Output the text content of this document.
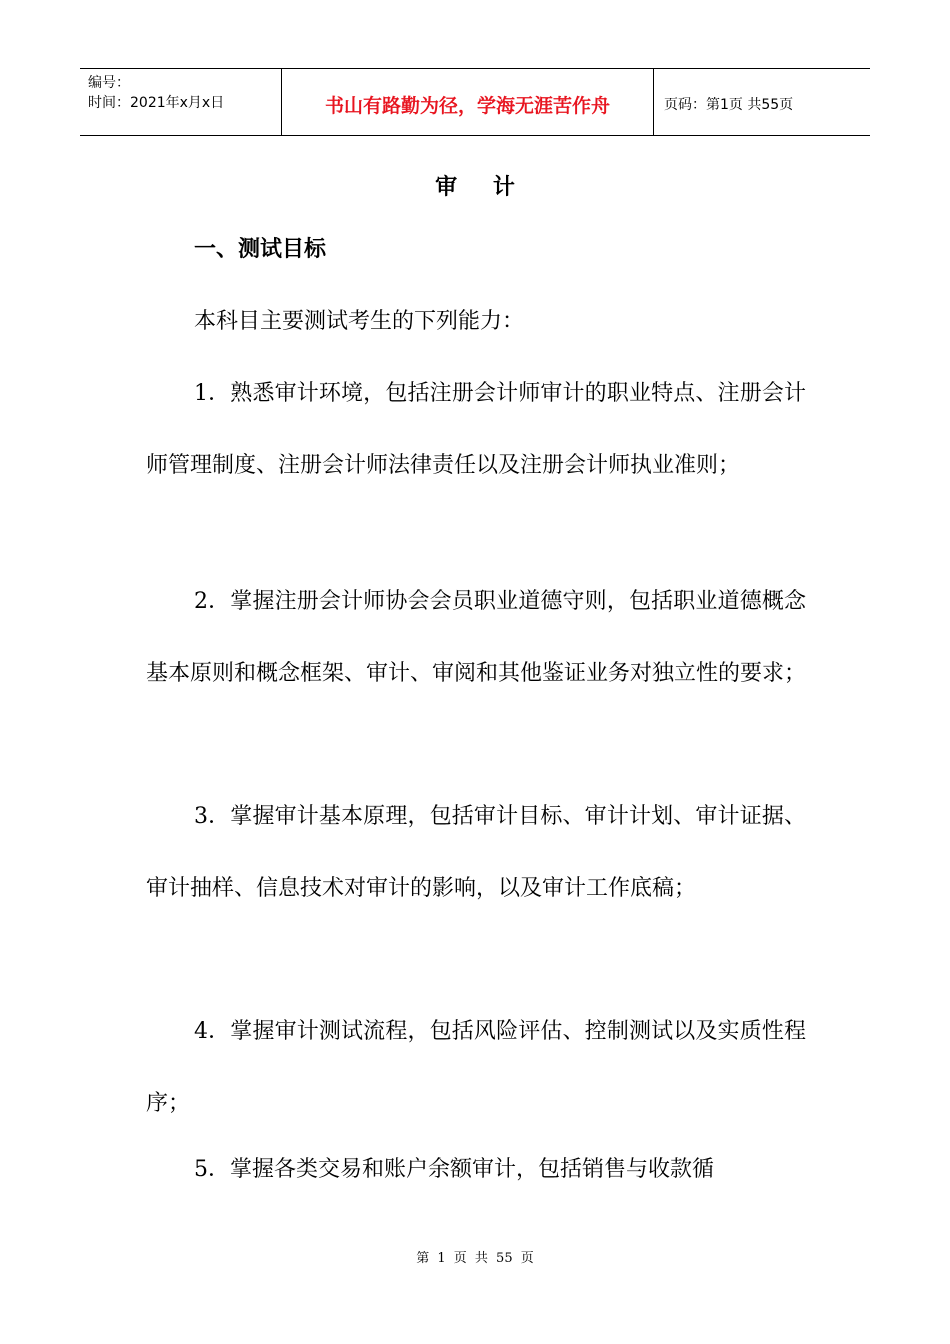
编号：
时间：2021年x月x日	书山有路勤为径，学海无涯苦作舟	页码：第1页 共55页
审 计
一、测试目标

本科目主要测试考生的下列能力：

1．熟悉审计环境，包括注册会计师审计的职业特点、注册会计师管理制度、注册会计师法律责任以及注册会计师执业准则；

2．掌握注册会计师协会会员职业道德守则，包括职业道德概念基本原则和概念框架、审计、审阅和其他鉴证业务对独立性的要求；

3．掌握审计基本原理，包括审计目标、审计计划、审计证据、审计抽样、信息技术对审计的影响，以及审计工作底稿；

4．掌握审计测试流程，包括风险评估、控制测试以及实质性程序；

5．掌握各类交易和账户余额审计，包括销售与收款循

第 1 页 共 55 页
